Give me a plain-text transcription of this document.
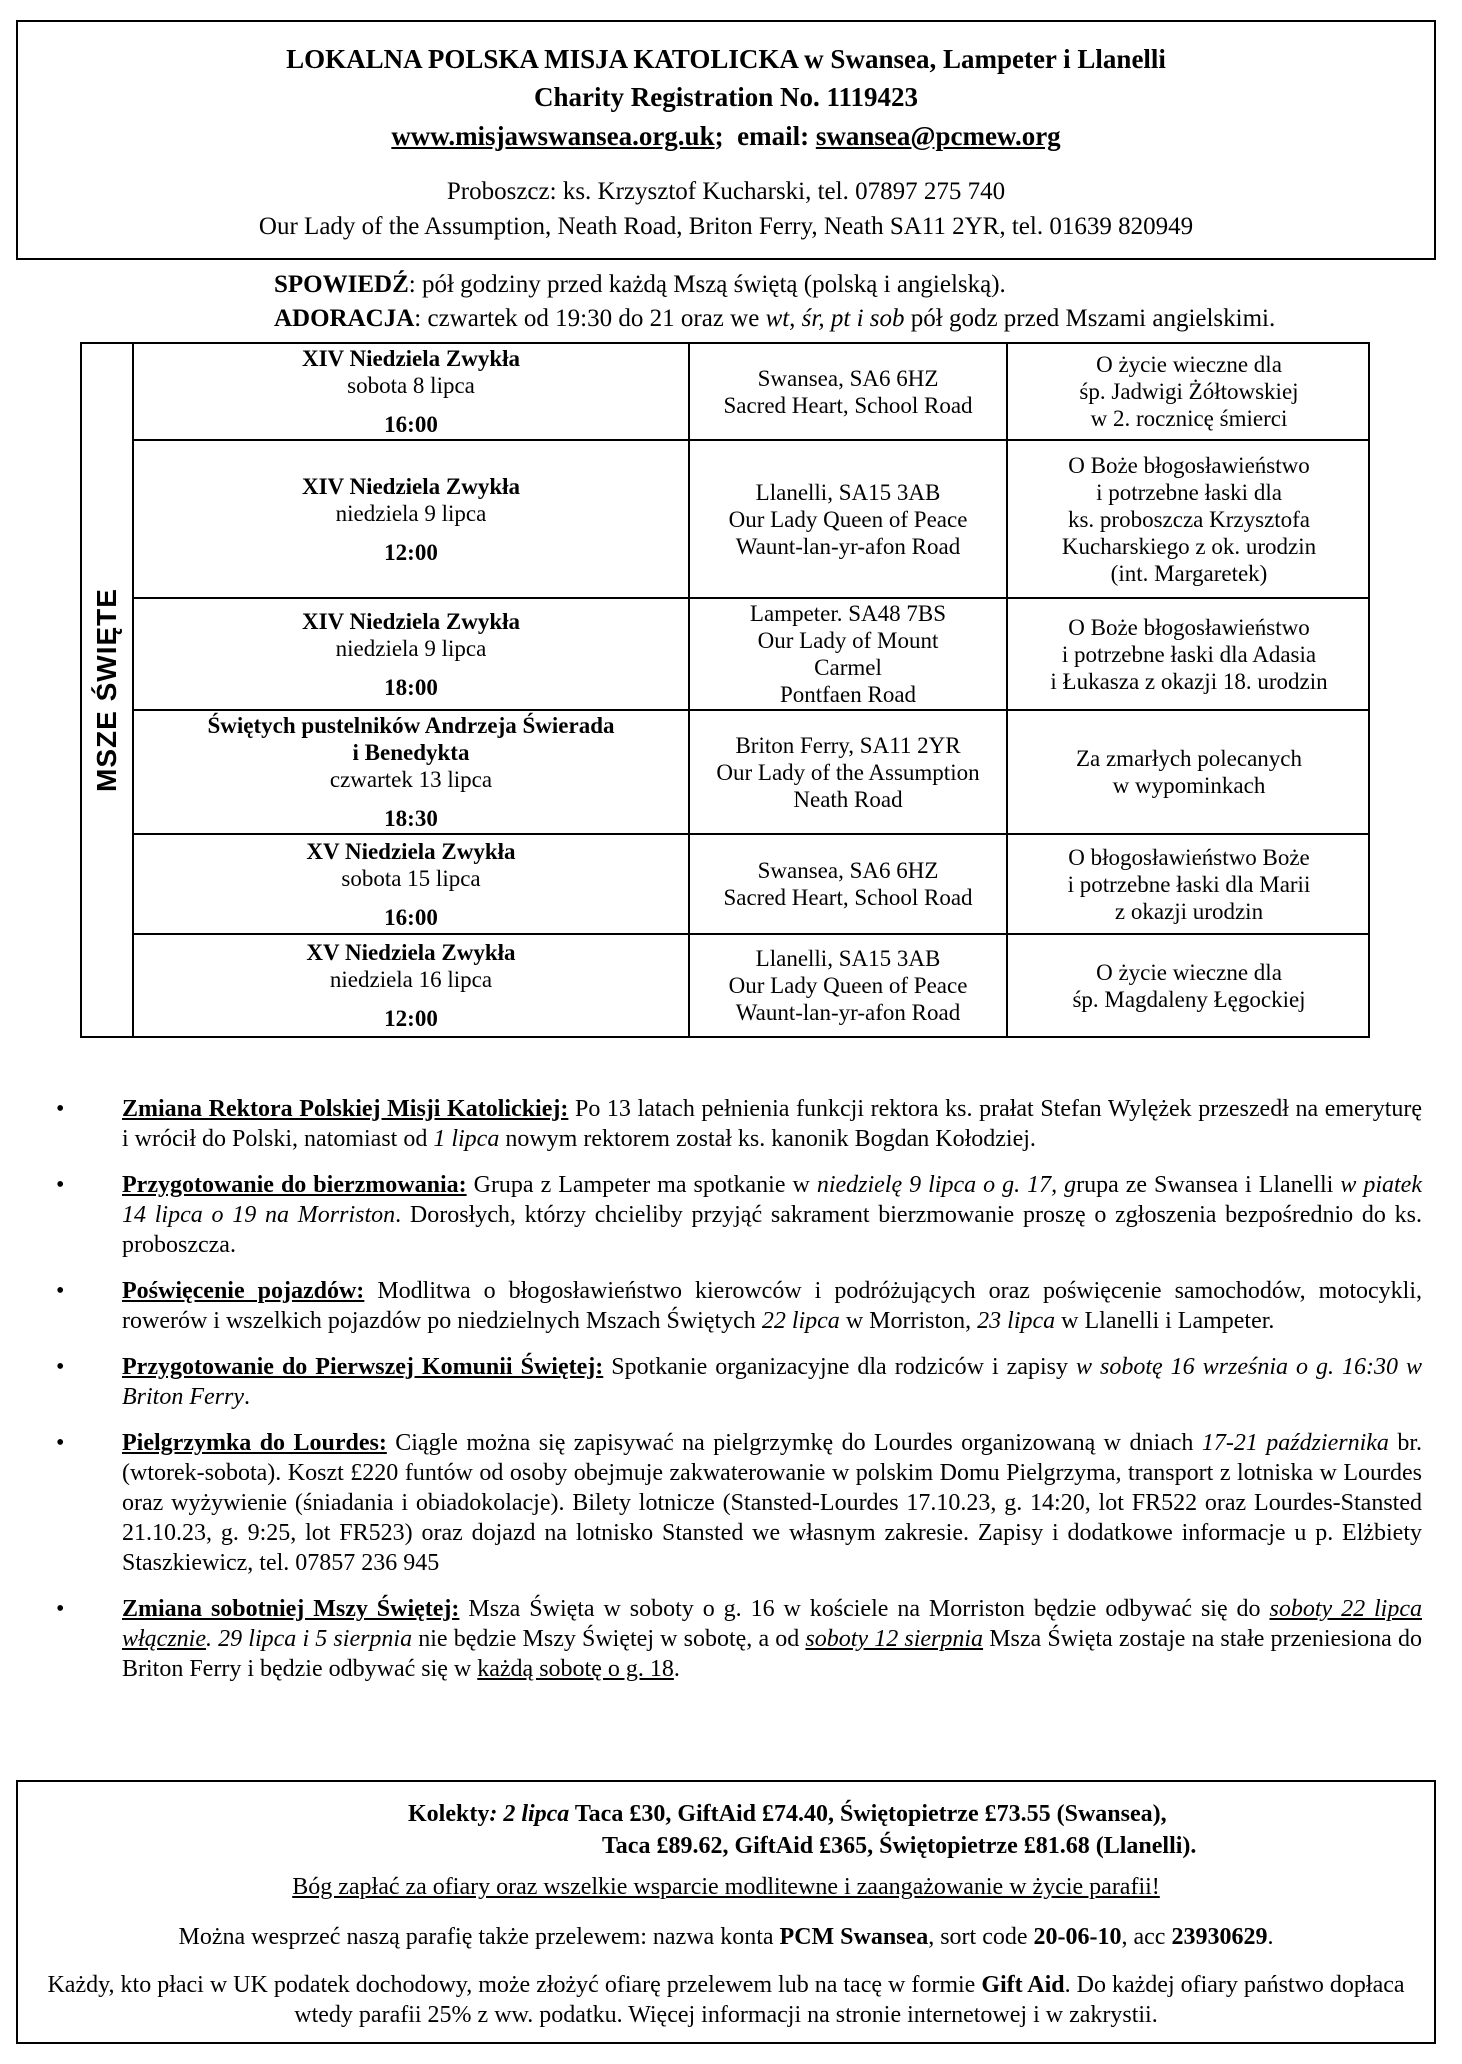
LOKALNA POLSKA MISJA KATOLICKA w Swansea, Lampeter i Llanelli
Charity Registration No. 1119423
www.misjawswansea.org.uk; email: swansea@pcmew.org
Proboszcz: ks. Krzysztof Kucharski, tel. 07897 275 740
Our Lady of the Assumption, Neath Road, Briton Ferry, Neath SA11 2YR, tel. 01639 820949
SPOWIEDŹ: pół godziny przed każdą Mszą świętą (polską i angielską).
ADORACJA: czwartek od 19:30 do 21 oraz we wt, śr, pt i sob pół godz przed Mszami angielskimi.
MSZE ŚWIĘTE
XIV Niedziela Zwykła
sobota 8 lipca
16:00	Swansea, SA6 6HZ
Sacred Heart, School Road	O życie wieczne dla
śp. Jadwigi Żółtowskiej
w 2. rocznicę śmierci

XIV Niedziela Zwykła
niedziela 9 lipca
12:00	Llanelli, SA15 3AB
Our Lady Queen of Peace
Waunt-lan-yr-afon Road	O Boże błogosławieństwo
i potrzebne łaski dla
ks. proboszcza Krzysztofa
Kucharskiego z ok. urodzin
(int. Margaretek)

XIV Niedziela Zwykła
niedziela 9 lipca
18:00	Lampeter. SA48 7BS
Our Lady of Mount
Carmel
Pontfaen Road	O Boże błogosławieństwo
i potrzebne łaski dla Adasia
i Łukasza z okazji 18. urodzin

Świętych pustelników Andrzeja Świerada
i Benedykta
czwartek 13 lipca
18:30	Briton Ferry, SA11 2YR
Our Lady of the Assumption
Neath Road	Za zmarłych polecanych
w wypominkach

XV Niedziela Zwykła
sobota 15 lipca
16:00	Swansea, SA6 6HZ
Sacred Heart, School Road	O błogosławieństwo Boże
i potrzebne łaski dla Marii
z okazji urodzin

XV Niedziela Zwykła
niedziela 16 lipca
12:00	Llanelli, SA15 3AB
Our Lady Queen of Peace
Waunt-lan-yr-afon Road	O życie wieczne dla
śp. Magdaleny Łęgockiej
• Zmiana Rektora Polskiej Misji Katolickiej: Po 13 latach pełnienia funkcji rektora ks. prałat Stefan Wylężek przeszedł na emeryturę i wrócił do Polski, natomiast od 1 lipca nowym rektorem został ks. kanonik Bogdan Kołodziej.
• Przygotowanie do bierzmowania: Grupa z Lampeter ma spotkanie w niedzielę 9 lipca o g. 17, grupa ze Swansea i Llanelli w piatek 14 lipca o 19 na Morriston. Dorosłych, którzy chcieliby przyjąć sakrament bierzmowanie proszę o zgłoszenia bezpośrednio do ks. proboszcza.
• Poświęcenie pojazdów: Modlitwa o błogosławieństwo kierowców i podróżujących oraz poświęcenie samochodów, motocykli, rowerów i wszelkich pojazdów po niedzielnych Mszach Świętych 22 lipca w Morriston, 23 lipca w Llanelli i Lampeter.
• Przygotowanie do Pierwszej Komunii Świętej: Spotkanie organizacyjne dla rodziców i zapisy w sobotę 16 września o g. 16:30 w Briton Ferry.
• Pielgrzymka do Lourdes: Ciągle można się zapisywać na pielgrzymkę do Lourdes organizowaną w dniach 17-21 października br. (wtorek-sobota). Koszt £220 funtów od osoby obejmuje zakwaterowanie w polskim Domu Pielgrzyma, transport z lotniska w Lourdes oraz wyżywienie (śniadania i obiadokolacje). Bilety lotnicze (Stansted-Lourdes 17.10.23, g. 14:20, lot FR522 oraz Lourdes-Stansted 21.10.23, g. 9:25, lot FR523) oraz dojazd na lotnisko Stansted we własnym zakresie. Zapisy i dodatkowe informacje u p. Elżbiety Staszkiewicz, tel. 07857 236 945
• Zmiana sobotniej Mszy Świętej: Msza Święta w soboty o g. 16 w kościele na Morriston będzie odbywać się do soboty 22 lipca włącznie. 29 lipca i 5 sierpnia nie będzie Mszy Świętej w sobotę, a od soboty 12 sierpnia Msza Święta zostaje na stałe przeniesiona do Briton Ferry i będzie odbywać się w każdą sobotę o g. 18.
Kolekty: 2 lipca Taca £30, GiftAid £74.40, Świętopietrze £73.55 (Swansea),
Taca £89.62, GiftAid £365, Świętopietrze £81.68 (Llanelli).
Bóg zapłać za ofiary oraz wszelkie wsparcie modlitewne i zaangażowanie w życie parafii!
Można wesprzeć naszą parafię także przelewem: nazwa konta PCM Swansea, sort code 20-06-10, acc 23930629.
Każdy, kto płaci w UK podatek dochodowy, może złożyć ofiarę przelewem lub na tacę w formie Gift Aid. Do każdej ofiary państwo dopłaca wtedy parafii 25% z ww. podatku. Więcej informacji na stronie internetowej i w zakrystii.
